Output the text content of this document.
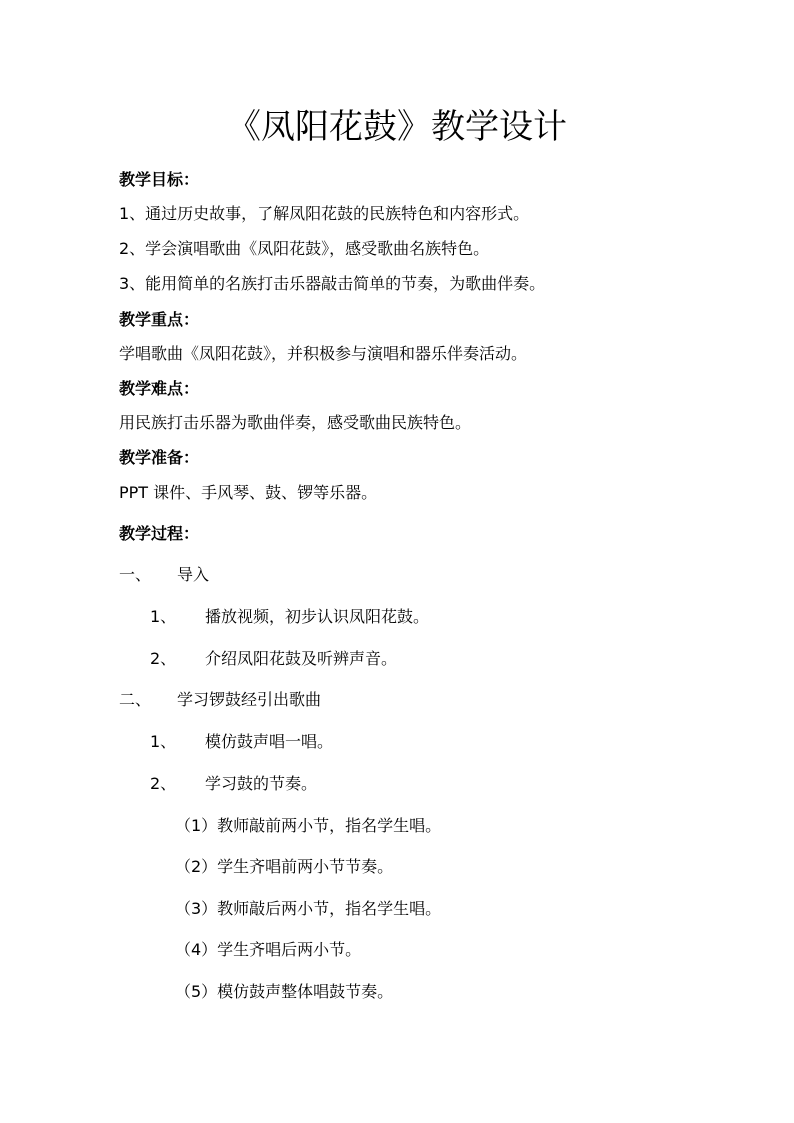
《凤阳花鼓》教学设计
教学目标：
1、通过历史故事，了解凤阳花鼓的民族特色和内容形式。
2、学会演唱歌曲《凤阳花鼓》，感受歌曲名族特色。
3、能用简单的名族打击乐器敲击简单的节奏，为歌曲伴奏。
教学重点：
学唱歌曲《凤阳花鼓》，并积极参与演唱和器乐伴奏活动。
教学难点：
用民族打击乐器为歌曲伴奏，感受歌曲民族特色。
教学准备：
PPT 课件、手风琴、鼓、锣等乐器。
教学过程：
一、 导入
1、 播放视频，初步认识凤阳花鼓。
2、 介绍凤阳花鼓及听辨声音。
二、 学习锣鼓经引出歌曲
1、 模仿鼓声唱一唱。
2、 学习鼓的节奏。
（1）教师敲前两小节，指名学生唱。
（2）学生齐唱前两小节节奏。
（3）教师敲后两小节，指名学生唱。
（4）学生齐唱后两小节。
（5）模仿鼓声整体唱鼓节奏。
